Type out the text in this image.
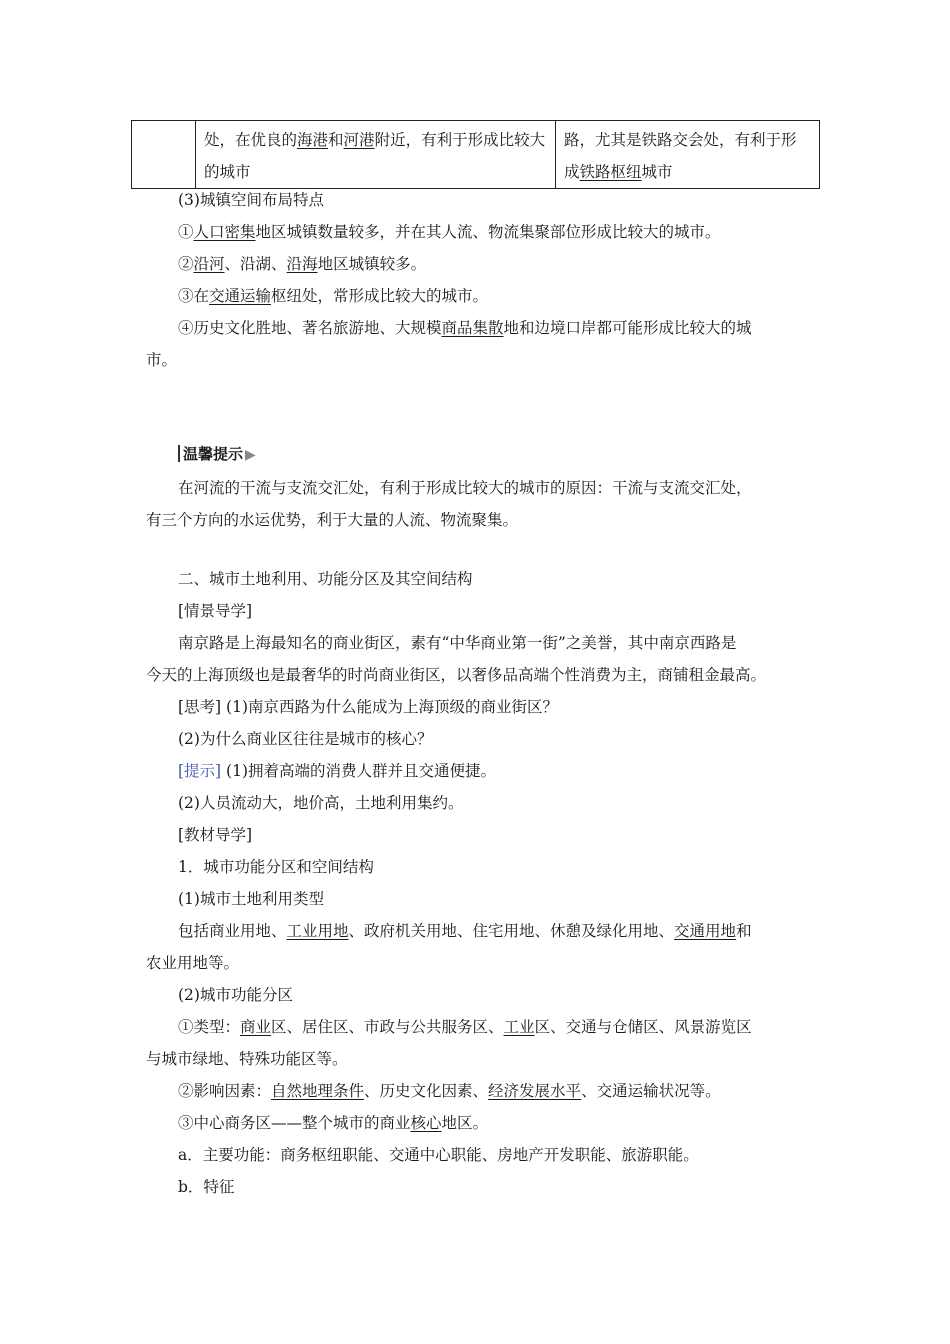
	处，在优良的海港和河港附近，有利于形成比较大的城市	路，尤其是铁路交会处，有利于形成铁路枢纽城市
(3)城镇空间布局特点
①人口密集地区城镇数量较多，并在其人流、物流集聚部位形成比较大的城市。
②沿河、沿湖、沿海地区城镇较多。
③在交通运输枢纽处，常形成比较大的城市。
④历史文化胜地、著名旅游地、大规模商品集散地和边境口岸都可能形成比较大的城
市。
温馨提示 ▶
在河流的干流与支流交汇处，有利于形成比较大的城市的原因：干流与支流交汇处，
有三个方向的水运优势，利于大量的人流、物流聚集。
二、城市土地利用、功能分区及其空间结构
[情景导学]
南京路是上海最知名的商业街区，素有“中华商业第一街”之美誉，其中南京西路是
今天的上海顶级也是最奢华的时尚商业街区，以奢侈品高端个性消费为主，商铺租金最高。
[思考] (1)南京西路为什么能成为上海顶级的商业街区？
(2)为什么商业区往往是城市的核心？
[提示] (1)拥着高端的消费人群并且交通便捷。
(2)人员流动大，地价高，土地利用集约。
[教材导学]
1．城市功能分区和空间结构
(1)城市土地利用类型
包括商业用地、工业用地、政府机关用地、住宅用地、休憩及绿化用地、交通用地和
农业用地等。
(2)城市功能分区
①类型：商业区、居住区、市政与公共服务区、工业区、交通与仓储区、风景游览区
与城市绿地、特殊功能区等。
②影响因素：自然地理条件、历史文化因素、经济发展水平、交通运输状况等。
③中心商务区——整个城市的商业核心地区。
a．主要功能：商务枢纽职能、交通中心职能、房地产开发职能、旅游职能。
b．特征
